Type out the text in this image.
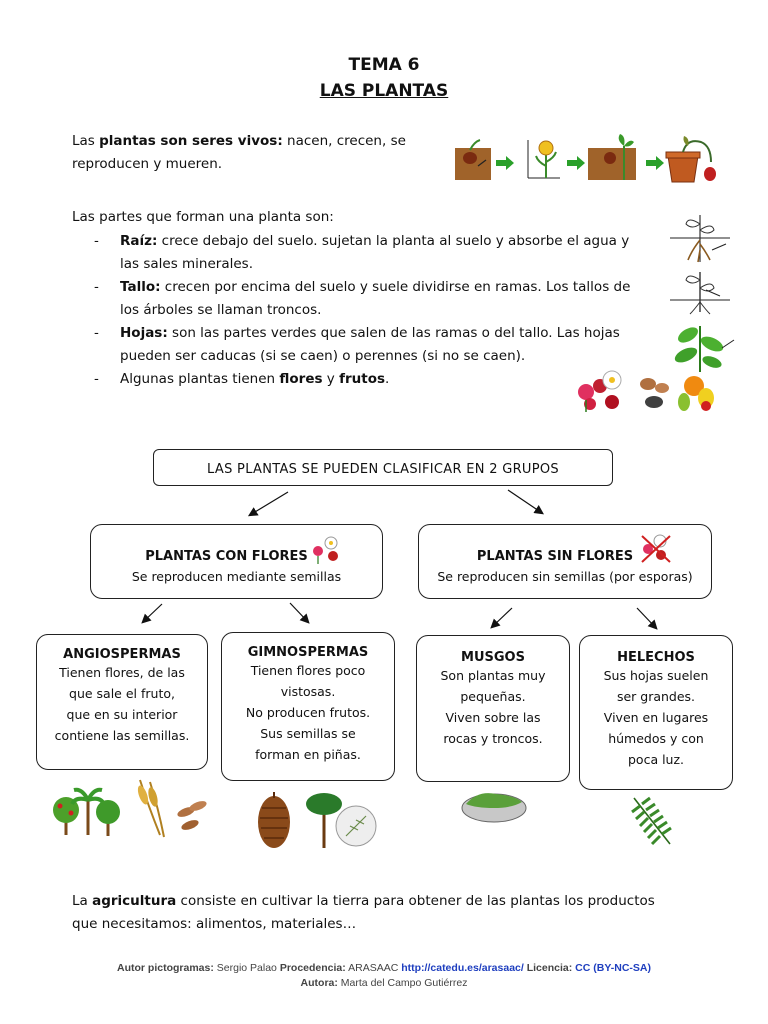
TEMA 6
LAS PLANTAS
Las plantas son seres vivos: nacen, crecen, se
reproducen y mueren.
Las partes que forman una planta son:
- Raíz: crece debajo del suelo. sujetan la planta al suelo y absorbe el agua y
las sales minerales.
- Tallo: crecen por encima del suelo y suele dividirse en ramas. Los tallos de
los árboles se llaman troncos.
- Hojas: son las partes verdes que salen de las ramas o del tallo. Las hojas
pueden ser caducas (si se caen) o perennes (si no se caen).
- Algunas plantas tienen flores y frutos.
LAS PLANTAS SE PUEDEN CLASIFICAR EN 2 GRUPOS
PLANTAS CON FLORES
Se reproducen mediante semillas
PLANTAS SIN FLORES
Se reproducen sin semillas (por esporas)
ANGIOSPERMAS
Tienen flores, de las
que sale el fruto,
que en su interior
contiene las semillas.
GIMNOSPERMAS
Tienen flores poco
vistosas.
No producen frutos.
Sus semillas se
forman en piñas.
MUSGOS
Son plantas muy
pequeñas.
Viven sobre las
rocas y troncos.
HELECHOS
Sus hojas suelen
ser grandes.
Viven en lugares
húmedos y con
poca luz.
La agricultura consiste en cultivar la tierra para obtener de las plantas los productos
que necesitamos: alimentos, materiales…
Autor pictogramas: Sergio Palao Procedencia: ARASAAC http://catedu.es/arasaac/ Licencia: CC (BY-NC-SA)
Autora: Marta del Campo Gutiérrez
